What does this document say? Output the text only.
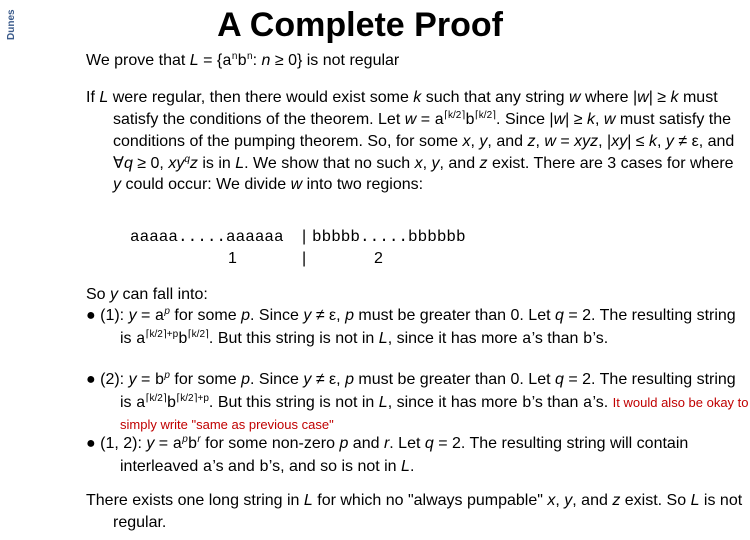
Dunes	A Complete Proof
We prove that $L = \{a^nb^n$: n ≥ 0} is not regular
If L were regular, then there would exist some k such that any string w where |w| ≥ k must satisfy the conditions of the theorem. Let $w = a^{⌈k/2⌉}b^{⌈k/2⌉}$. Since |w| ≥ k, w must satisfy the conditions of the pumping theorem. So, for some x, y, and z, w = xyz, |xy| ≤ k, y ≠ ε, and ∀q ≥ 0, $xy^qz$ is in L. We show that no such x, y, and z exist. There are 3 cases for where y could occur: We divide w into two regions:
aaaaa.....aaaaaa | bbbbb.....bbbbbb
1	|	2
So y can fall into:
● (1): $y = a^p$ for some p. Since y ≠ ε, p must be greater than 0. Let q = 2. The resulting string is $a^{⌈k/2⌉+p}b^{⌈k/2⌉}$. But this string is not in L, since it has more a’s than b’s.
● (2): $y = b^p$ for some p. Since y ≠ ε, p must be greater than 0. Let q = 2. The resulting string is $a^{⌈k/2⌉}b^{⌈k/2⌉+p}$. But this string is not in L, since it has more b’s than a’s. It would also be okay to simply write "same as previous case"
● (1, 2): $y = a^pb^r$ for some non-zero p and r. Let q = 2. The resulting string will contain interleaved a’s and b’s, and so is not in L.
There exists one long string in L for which no "always pumpable" x, y, and z exist. So L is not regular.
